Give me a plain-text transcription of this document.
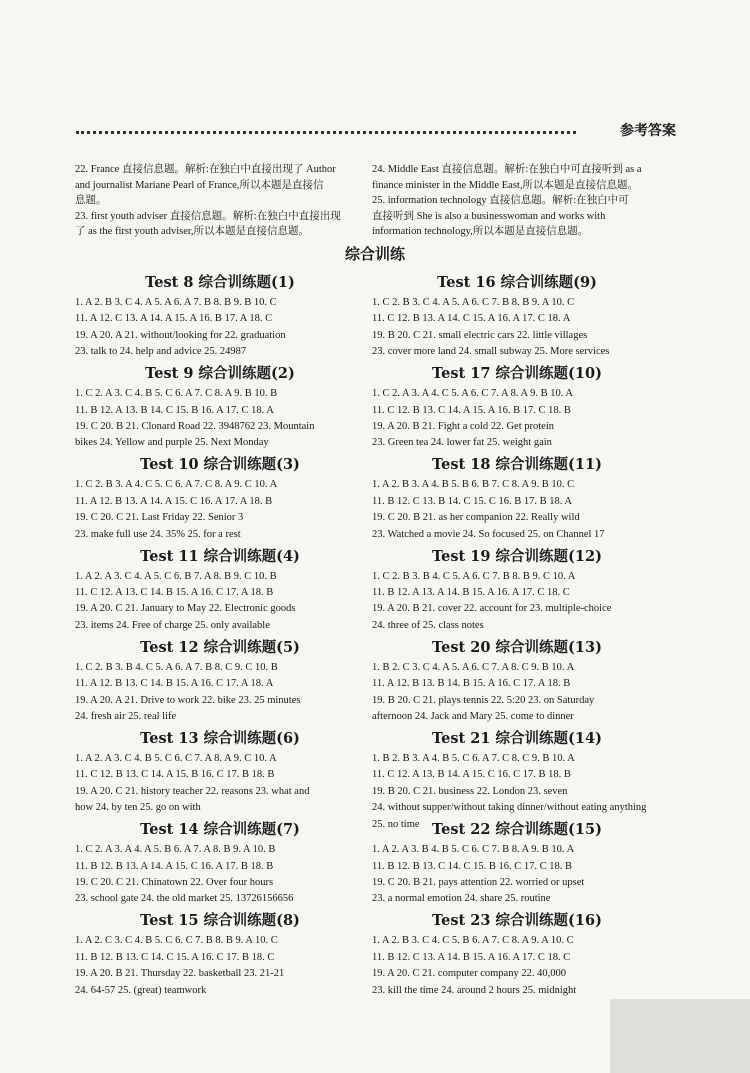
参考答案

22. France 直接信息题。解析:在独白中直接出现了 Author

and journalist Mariane Pearl of France,所以本题是直接信

息题。

23. first youth adviser 直接信息题。解析:在独白中直接出现

了 as the first youth adviser,所以本题是直接信息题。

24. Middle East 直接信息题。解析:在独白中可直接听到 as a

finance minister in the Middle East,所以本题是直接信息题。

25. information technology 直接信息题。解析:在独白中可

直接听到 She is also a businesswoman and works with

information technology,所以本题是直接信息题。

综合训练
Test 8 综合训练题(1)
1. A 2. B 3. C 4. A 5. A 6. A 7. B 8. B 9. B 10. C
11. A 12. C 13. A 14. A 15. A 16. B 17. A 18. C
19. A 20. A 21. without/looking for 22. graduation
23. talk to 24. help and advice 25. 24987
Test 9 综合训练题(2)
1. C 2. A 3. C 4. B 5. C 6. A 7. C 8. A 9. B 10. B
11. B 12. A 13. B 14. C 15. B 16. A 17. C 18. A
19. C 20. B 21. Clonard Road 22. 3948762 23. Mountain
bikes 24. Yellow and purple 25. Next Monday
Test 10 综合训练题(3)
1. C 2. B 3. A 4. C 5. C 6. A 7. C 8. A 9. C 10. A
11. A 12. B 13. A 14. A 15. C 16. A 17. A 18. B
19. C 20. C 21. Last Friday 22. Senior 3
23. make full use 24. 35% 25. for a rest
Test 11 综合训练题(4)
1. A 2. A 3. C 4. A 5. C 6. B 7. A 8. B 9. C 10. B
11. C 12. A 13. C 14. B 15. A 16. C 17. A 18. B
19. A 20. C 21. January to May 22. Electronic goods
23. items 24. Free of charge 25. only available
Test 12 综合训练题(5)
1. C 2. B 3. B 4. C 5. A 6. A 7. B 8. C 9. C 10. B
11. A 12. B 13. C 14. B 15. A 16. C 17. A 18. A
19. A 20. A 21. Drive to work 22. bike 23. 25 minutes
24. fresh air 25. real life
Test 13 综合训练题(6)
1. A 2. A 3. C 4. B 5. C 6. C 7. A 8. A 9. C 10. A
11. C 12. B 13. C 14. A 15. B 16. C 17. B 18. B
19. A 20. C 21. history teacher 22. reasons 23. what and
how 24. by ten 25. go on with
Test 14 综合训练题(7)
1. C 2. A 3. A 4. A 5. B 6. A 7. A 8. B 9. A 10. B
11. B 12. B 13. A 14. A 15. C 16. A 17. B 18. B
19. C 20. C 21. Chinatown 22. Over four hours
23. school gate 24. the old market 25. 13726156656
Test 15 综合训练题(8)
1. A 2. C 3. C 4. B 5. C 6. C 7. B 8. B 9. A 10. C
11. B 12. B 13. C 14. C 15. A 16. C 17. B 18. C
19. A 20. B 21. Thursday 22. basketball 23. 21-21
24. 64-57 25. (great) teamwork
Test 16 综合训练题(9)
1. C 2. B 3. C 4. A 5. A 6. C 7. B 8. B 9. A 10. C
11. C 12. B 13. A 14. C 15. A 16. A 17. C 18. A
19. B 20. C 21. small electric cars 22. little villages
23. cover more land 24. small subway 25. More services
Test 17 综合训练题(10)
1. C 2. A 3. A 4. C 5. A 6. C 7. A 8. A 9. B 10. A
11. C 12. B 13. C 14. A 15. A 16. B 17. C 18. B
19. A 20. B 21. Fight a cold 22. Get protein
23. Green tea 24. lower fat 25. weight gain
Test 18 综合训练题(11)
1. A 2. B 3. A 4. B 5. B 6. B 7. C 8. A 9. B 10. C
11. B 12. C 13. B 14. C 15. C 16. B 17. B 18. A
19. C 20. B 21. as her companion 22. Really wild
23. Watched a movie 24. So focused 25. on Channel 17
Test 19 综合训练题(12)
1. C 2. B 3. B 4. C 5. A 6. C 7. B 8. B 9. C 10. A
11. B 12. A 13. A 14. B 15. A 16. A 17. C 18. C
19. A 20. B 21. cover 22. account for 23. multiple-choice
24. three of 25. class notes
Test 20 综合训练题(13)
1. B 2. C 3. C 4. A 5. A 6. C 7. A 8. C 9. B 10. A
11. A 12. B 13. B 14. B 15. A 16. C 17. A 18. B
19. B 20. C 21. plays tennis 22. 5:20 23. on Saturday
afternoon 24. Jack and Mary 25. come to dinner
Test 21 综合训练题(14)
1. B 2. B 3. A 4. B 5. C 6. A 7. C 8. C 9. B 10. A
11. C 12. A 13. B 14. A 15. C 16. C 17. B 18. B
19. B 20. C 21. business 22. London 23. seven
24. without supper/without taking dinner/without eating anything
25. no time Test 22 综合训练题(15)
1. A 2. A 3. B 4. B 5. C 6. C 7. B 8. A 9. B 10. A
11. B 12. B 13. C 14. C 15. B 16. C 17. C 18. B
19. C 20. B 21. pays attention 22. worried or upset
23. a normal emotion 24. share 25. routine
Test 23 综合训练题(16)
1. A 2. B 3. C 4. C 5. B 6. A 7. C 8. A 9. A 10. C
11. B 12. C 13. A 14. B 15. A 16. A 17. C 18. C
19. A 20. C 21. computer company 22. 40,000
23. kill the time 24. around 2 hours 25. midnight
